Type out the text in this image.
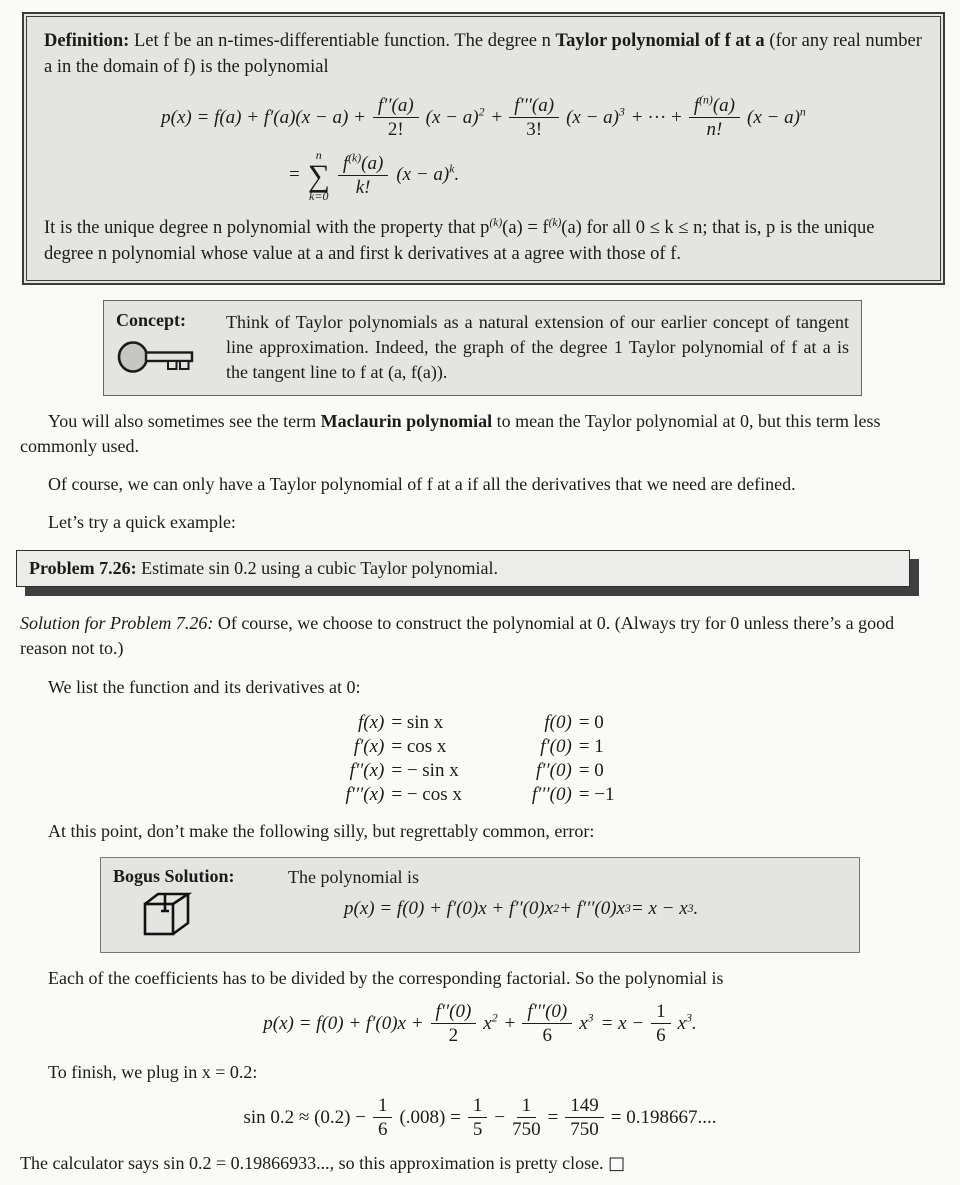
Definition: Let f be an n-times-differentiable function. The degree n Taylor polynomial of f at a (for any real number a in the domain of f) is the polynomial

$p(x) = f(a) + f'(a)(x - a) + \frac{f''(a)}{2!} (x - a)^2 + \frac{f'''(a)}{3!} (x - a)^3$ + ··· + $\frac{f^{(n)}(a)}{n!} (x - a)^n$
=
n
∑
$k=0 \frac{f^{(k)}(a)}{k!} (x - a)^k$.

It is the unique degree n polynomial with the property that $p^{(k)}(a) = f^{(k)}(a)$ for all 0 ≤ k ≤ n; that is, p is the unique degree n polynomial whose value at a and first k derivatives at a agree with those of f.

Concept:	Think of Taylor polynomials as a natural extension of our earlier concept of tangent line approximation. Indeed, the graph of the degree 1 Taylor polynomial of f at a is the tangent line to f at (a, f(a)).

You will also sometimes see the term Maclaurin polynomial to mean the Taylor polynomial at 0, but this term less commonly used.

Of course, we can only have a Taylor polynomial of f at a if all the derivatives that we need are defined.

Let’s try a quick example:

Problem 7.26: Estimate sin 0.2 using a cubic Taylor polynomial.

Solution for Problem 7.26: Of course, we choose to construct the polynomial at 0. (Always try for 0 unless there’s a good reason not to.)

We list the function and its derivatives at 0:

f(x) = sin x	f(0) = 0
f′(x) = cos x	f′(0) = 1
f′′(x) = − sin x	f′′(0) = 0
f′′′(x) = − cos x	f′′′(0) = −1

At this point, don’t make the following silly, but regrettably common, error:

Bogus Solution:	The polynomial is

p(x) = f(0) + f′(0)x + f′′(0)x 2 + f′′′(0)x 3 = x − x 3 .

Each of the coefficients has to be divided by the corresponding factorial. So the polynomial is

$p(x) = f(0) + f'(0)x + \frac{f''(0)}{2} x^2 + \frac{f'''(0)}{6} x^3 = x - \frac{1}{6} x^3$.

To finish, we plug in x = 0.2:

$\sin 0.2 \approx (0.2) - \frac{1}{6} (.008) = \frac{1}{5} - \frac{1}{750} = \frac{149}{750} = 0.198667$....

The calculator says sin 0.2 = 0.19866933..., so this approximation is pretty close. □
